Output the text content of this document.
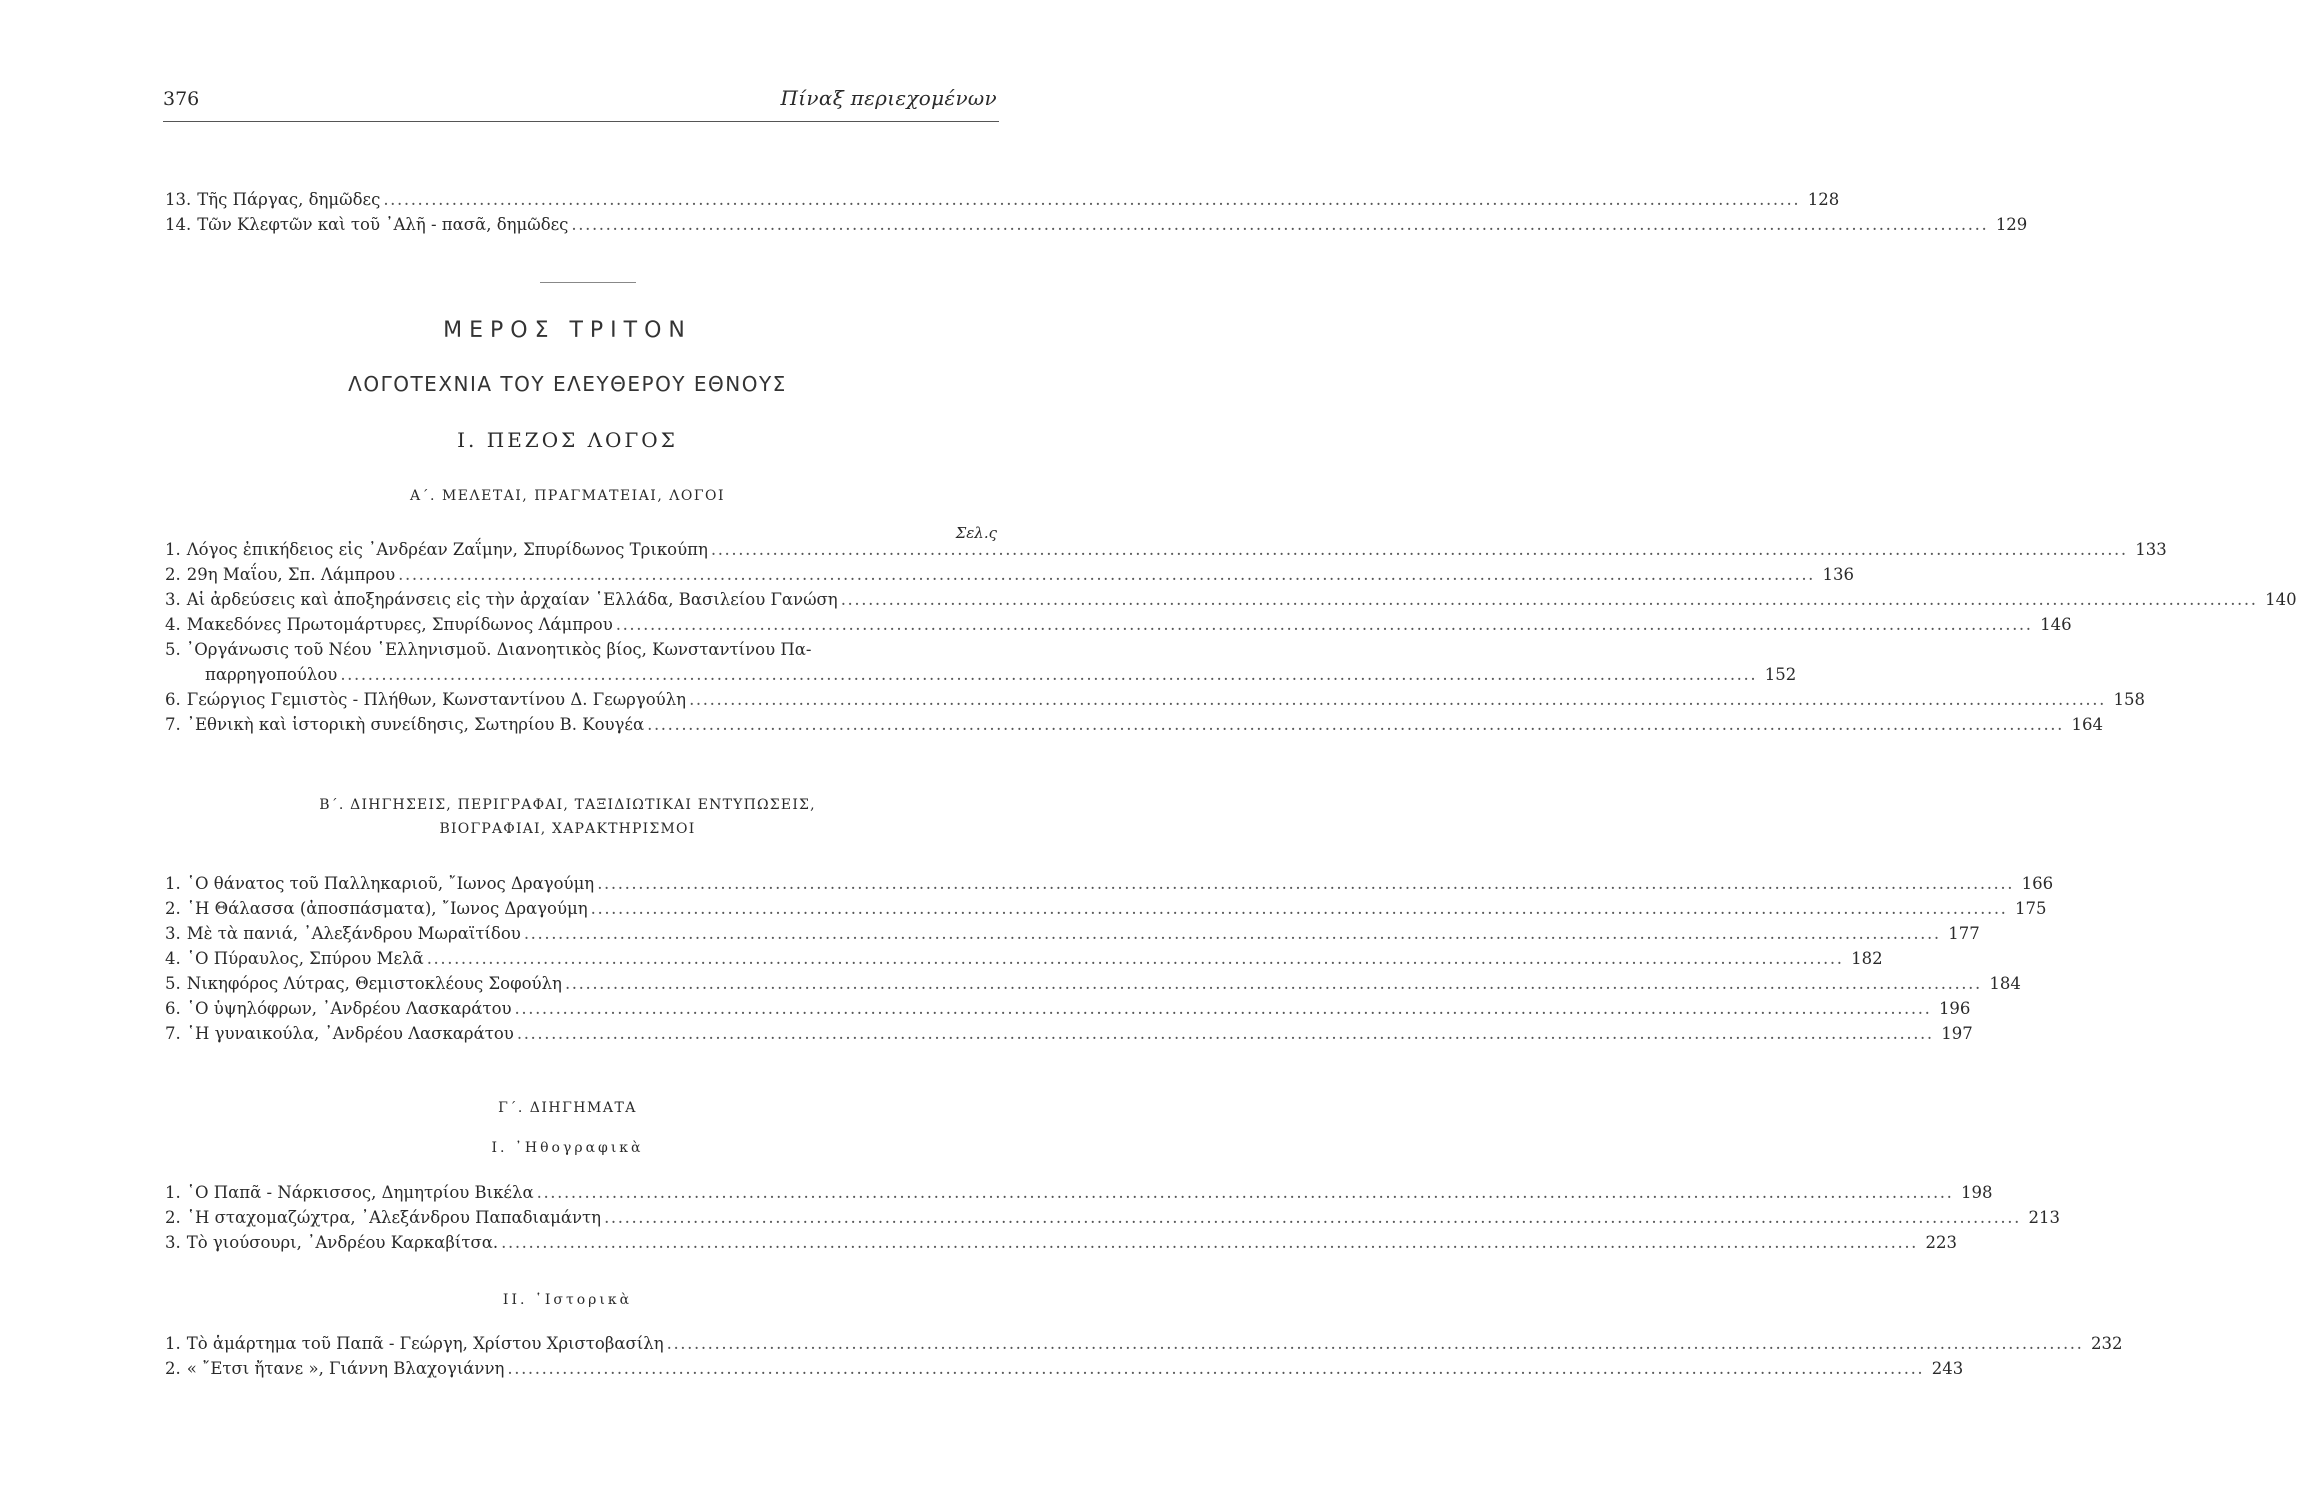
376	Πίναξ περιεχομένων
13. Τῆς Πάργας, δημῶδες .....	128
14. Τῶν Κλεφτῶν καὶ τοῦ ᾿Αλῆ - πασᾶ, δημῶδες .....	129
ΜΕΡΟΣ ΤΡΙΤΟΝ
ΛΟΓΟΤΕΧΝΙΑ ΤΟΥ ΕΛΕΥΘΕΡΟΥ ΕΘΝΟΥΣ
Ι. ΠΕΖΟΣ ΛΟΓΟΣ
Α΄. ΜΕΛΕΤΑΙ, ΠΡΑΓΜΑΤΕΙΑΙ, ΛΟΓΟΙ
Σελ.ς
1. Λόγος ἐπικήδειος εἰς ᾿Ανδρέαν Ζαΐμην, Σπυρίδωνος Τρικούπη .....	133
2. 29η Μαΐου, Σπ. Λάμπρου .....	136
3. Αἱ ἀρδεύσεις καὶ ἀποξηράνσεις εἰς τὴν ἀρχαίαν ῾Ελλάδα, Βασιλείου Γανώση .....	140
4. Μακεδόνες Πρωτομάρτυρες, Σπυρίδωνος Λάμπρου .....	146
5. ᾿Οργάνωσις τοῦ Νέου ῾Ελληνισμοῦ. Διανοητικὸς βίος, Κωνσταντίνου Πα-
παρρηγοπούλου .....	152
6. Γεώργιος Γεμιστὸς - Πλήθων, Κωνσταντίνου Δ. Γεωργούλη .....	158
7. ᾿Εθνικὴ καὶ ἱστορικὴ συνείδησις, Σωτηρίου Β. Κουγέα .....	164
Β΄. ΔΙΗΓΗΣΕΙΣ, ΠΕΡΙΓΡΑΦΑΙ, ΤΑΞΙΔΙΩΤΙΚΑΙ ΕΝΤΥΠΩΣΕΙΣ,
ΒΙΟΓΡΑΦΙΑΙ, ΧΑΡΑΚΤΗΡΙΣΜΟΙ
1. ῾Ο θάνατος τοῦ Παλληκαριοῦ, ῎Ιωνος Δραγούμη .....	166
2. ῾Η Θάλασσα (ἀποσπάσματα), ῎Ιωνος Δραγούμη .....	175
3. Μὲ τὰ πανιά, ᾿Αλεξάνδρου Μωραϊτίδου .....	177
4. ῾Ο Πύραυλος, Σπύρου Μελᾶ .....	182
5. Νικηφόρος Λύτρας, Θεμιστοκλέους Σοφούλη .....	184
6. ῾Ο ὑψηλόφρων, ᾿Ανδρέου Λασκαράτου .....	196
7. ῾Η γυναικούλα, ᾿Ανδρέου Λασκαράτου .....	197
Γ΄. ΔΙΗΓΗΜΑΤΑ
Ι. ᾿Ηθογραφικὰ
1. ῾Ο Παπᾶ - Νάρκισσος, Δημητρίου Βικέλα .....	198
2. ῾Η σταχομαζώχτρα, ᾿Αλεξάνδρου Παπαδιαμάντη .....	213
3. Τὸ γιούσουρι, ᾿Ανδρέου Καρκαβίτσα. .....	223
ΙΙ. ῾Ιστορικὰ
1. Τὸ ἁμάρτημα τοῦ Παπᾶ - Γεώργη, Χρίστου Χριστοβασίλη .....	232
2. « ῎Ετσι ἤτανε », Γιάννη Βλαχογιάννη .....	243
